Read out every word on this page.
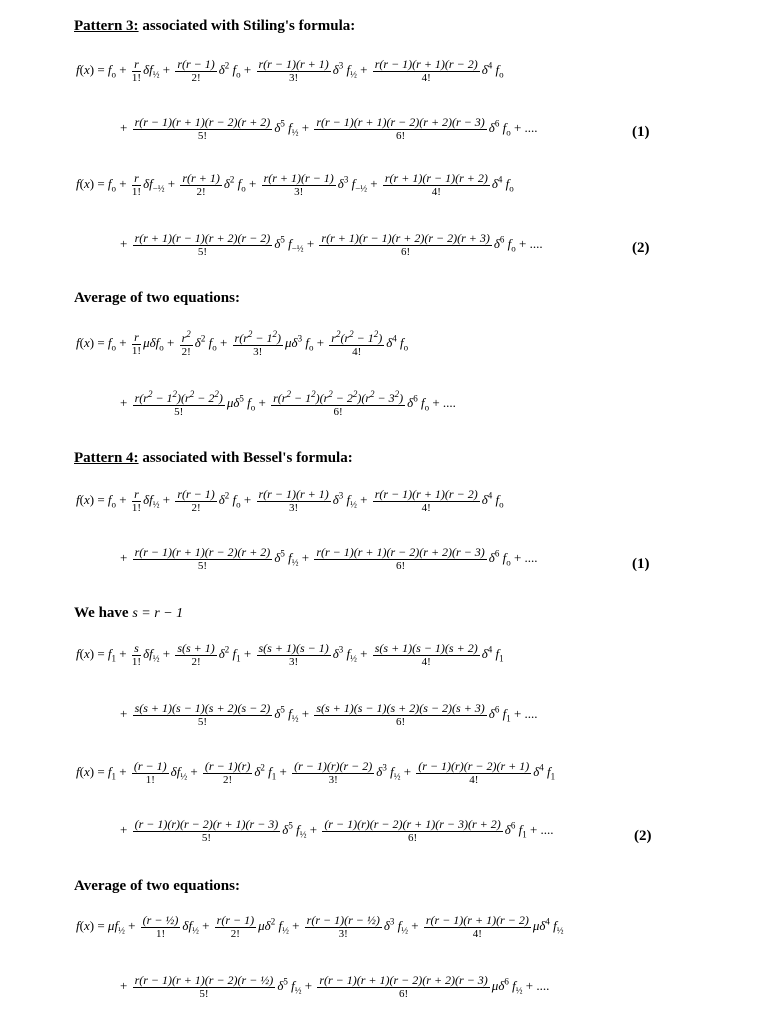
Pattern 3: associated with Stiling's formula:
$f(x) = f_o + \frac{r}{1!} \delta f_{\frac{1}{2}} + \frac{r(r - 1)}{2!} \delta^2$ $f_o + \frac{r(r - 1)(r + 1)}{3!} \delta^3$ $f_{\frac{1}{2}} + \frac{r(r - 1)(r + 1)(r - 2)}{4!} \delta^4$ $f_o$
+ $\frac{r(r - 1)(r + 1)(r - 2)(r + 2)}{5!} \delta^5$ $f_{\frac{1}{2}} + \frac{r(r - 1)(r + 1)(r - 2)(r + 2)(r - 3)}{6!} \delta^6$ $f_o$ + ....	(1)
$f(x) = f_o + \frac{r}{1!} \delta f_{-\frac{1}{2}} + \frac{r(r + 1)}{2!} \delta^2$ $f_o + \frac{r(r + 1)(r - 1)}{3!} \delta^3$ $f_{-\frac{1}{2}} + \frac{r(r + 1)(r - 1)(r + 2)}{4!} \delta^4$ $f_o$
+ $\frac{r(r + 1)(r - 1)(r + 2)(r - 2)}{5!} \delta^5$ $f_{-\frac{1}{2}} + \frac{r(r + 1)(r - 1)(r + 2)(r - 2)(r + 3)}{6!} \delta^6$ $f_o$ + ....	(2)
Average of two equations:
$f(x) = f_o + \frac{r}{1!} \mu\delta f_o + \frac{r^2}{2!} \delta^2$ $f_o + \frac{r(r^2 - 1^2)}{3!} \mu\delta^3$ $f_o + \frac{r^2(r^2 - 1^2)}{4!} \delta^4$ $f_o$
+ $\frac{r(r^2 - 1^2)(r^2 - 2^2)}{5!} \mu\delta^5$ $f_o + \frac{r(r^2 - 1^2)(r^2 - 2^2)(r^2 - 3^2)}{6!} \delta^6$ $f_o$ + ....
Pattern 4: associated with Bessel's formula:
$f(x) = f_o + \frac{r}{1!} \delta f_{\frac{1}{2}} + \frac{r(r - 1)}{2!} \delta^2$ $f_o + \frac{r(r - 1)(r + 1)}{3!} \delta^3$ $f_{\frac{1}{2}} + \frac{r(r - 1)(r + 1)(r - 2)}{4!} \delta^4$ $f_o$
+ $\frac{r(r - 1)(r + 1)(r - 2)(r + 2)}{5!} \delta^5$ $f_{\frac{1}{2}} + \frac{r(r - 1)(r + 1)(r - 2)(r + 2)(r - 3)}{6!} \delta^6$ $f_o$ + ....	(1)
We have s = r − 1
$f(x) = f_1 + \frac{s}{1!} \delta f_{\frac{1}{2}} + \frac{s(s + 1)}{2!} \delta^2$ $f_1 + \frac{s(s + 1)(s - 1)}{3!} \delta^3$ $f_{\frac{1}{2}} + \frac{s(s + 1)(s - 1)(s + 2)}{4!} \delta^4$ $f_1$
+ $\frac{s(s + 1)(s - 1)(s + 2)(s - 2)}{5!} \delta^5$ $f_{\frac{1}{2}} + \frac{s(s + 1)(s - 1)(s + 2)(s - 2)(s + 3)}{6!} \delta^6$ $f_1$ + ....
$f(x) = f_1 + \frac{(r - 1)}{1!} \delta f_{\frac{1}{2}} + \frac{(r - 1)(r)}{2!} \delta^2$ $f_1 + \frac{(r - 1)(r)(r - 2)}{3!} \delta^3$ $f_{\frac{1}{2}} + \frac{(r - 1)(r)(r - 2)(r + 1)}{4!} \delta^4$ $f_1$
+ $\frac{(r - 1)(r)(r - 2)(r + 1)(r - 3)}{5!} \delta^5$ $f_{\frac{1}{2}} + \frac{(r - 1)(r)(r - 2)(r + 1)(r - 3)(r + 2)}{6!} \delta^6$ $f_1$ + ....	(2)
Average of two equations:
$f(x) = \mu f_{\frac{1}{2}} + \frac{\text{(r − ½)}}{1!} \delta f_{\frac{1}{2}} + \frac{r(r - 1)}{2!} \mu\delta^2$ $f_{\frac{1}{2}} + \frac{\text{r(r − 1)(r − ½)}}{3!} \delta^3$ $f_{\frac{1}{2}} + \frac{r(r - 1)(r + 1)(r - 2)}{4!} \mu\delta^4$ $f_{\frac{1}{2}}$
+ $\frac{\text{r(r − 1)(r + 1)(r − 2)(r − ½)}}{5!} \delta^5$ $f_{\frac{1}{2}} + \frac{r(r - 1)(r + 1)(r - 2)(r + 2)(r - 3)}{6!} \mu\delta^6$ $f_{\frac{1}{2}}$ + ....
